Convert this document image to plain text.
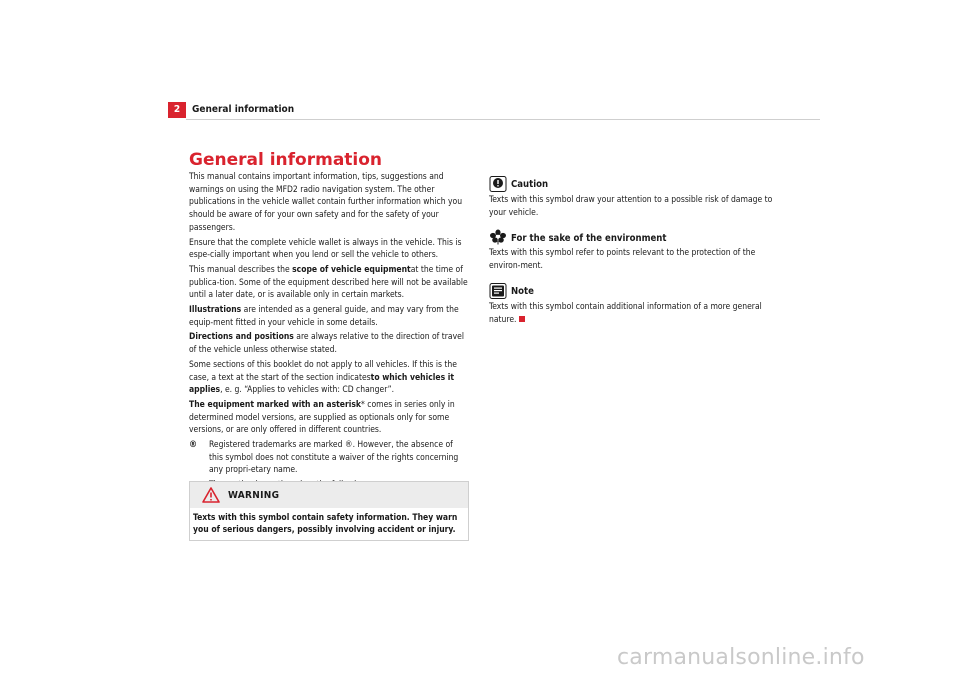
2	General information
General information

This manual contains important information, tips, suggestions and warnings on using the MFD2 radio navigation system. The other publications in the vehicle wallet contain further information which you should be aware of for your own safety and for the safety of your passengers.

Ensure that the complete vehicle wallet is always in the vehicle. This is espe-cially important when you lend or sell the vehicle to others.

This manual describes the scope of vehicle equipmentat the time of publica-tion. Some of the equipment described here will not be available until a later date, or is available only in certain markets.

Illustrations are intended as a general guide, and may vary from the equip-ment fitted in your vehicle in some details.

Directions and positions are always relative to the direction of travel of the vehicle unless otherwise stated.

Some sections of this booklet do not apply to all vehicles. If this is the case, a text at the start of the section indicatesto which vehicles it applies, e. g. “Applies to vehicles with: CD changer”.

The equipment marked with an asterisk* comes in series only in determined model versions, are supplied as optionals only for some versions, or are only offered in different countries.

®	Registered trademarks are marked ®. However, the absence of this symbol does not constitute a waiver of the rights concerning any propri-etary name.
WARNING
Texts with this symbol contain safety information. They warn you of serious dangers, possibly involving accident or injury.
Caution
Texts with this symbol draw your attention to a possible risk of damage to your vehicle.
For the sake of the environment
Texts with this symbol refer to points relevant to the protection of the environ-ment.
Note
Texts with this symbol contain additional information of a more general nature.
carmanualsonline.info
